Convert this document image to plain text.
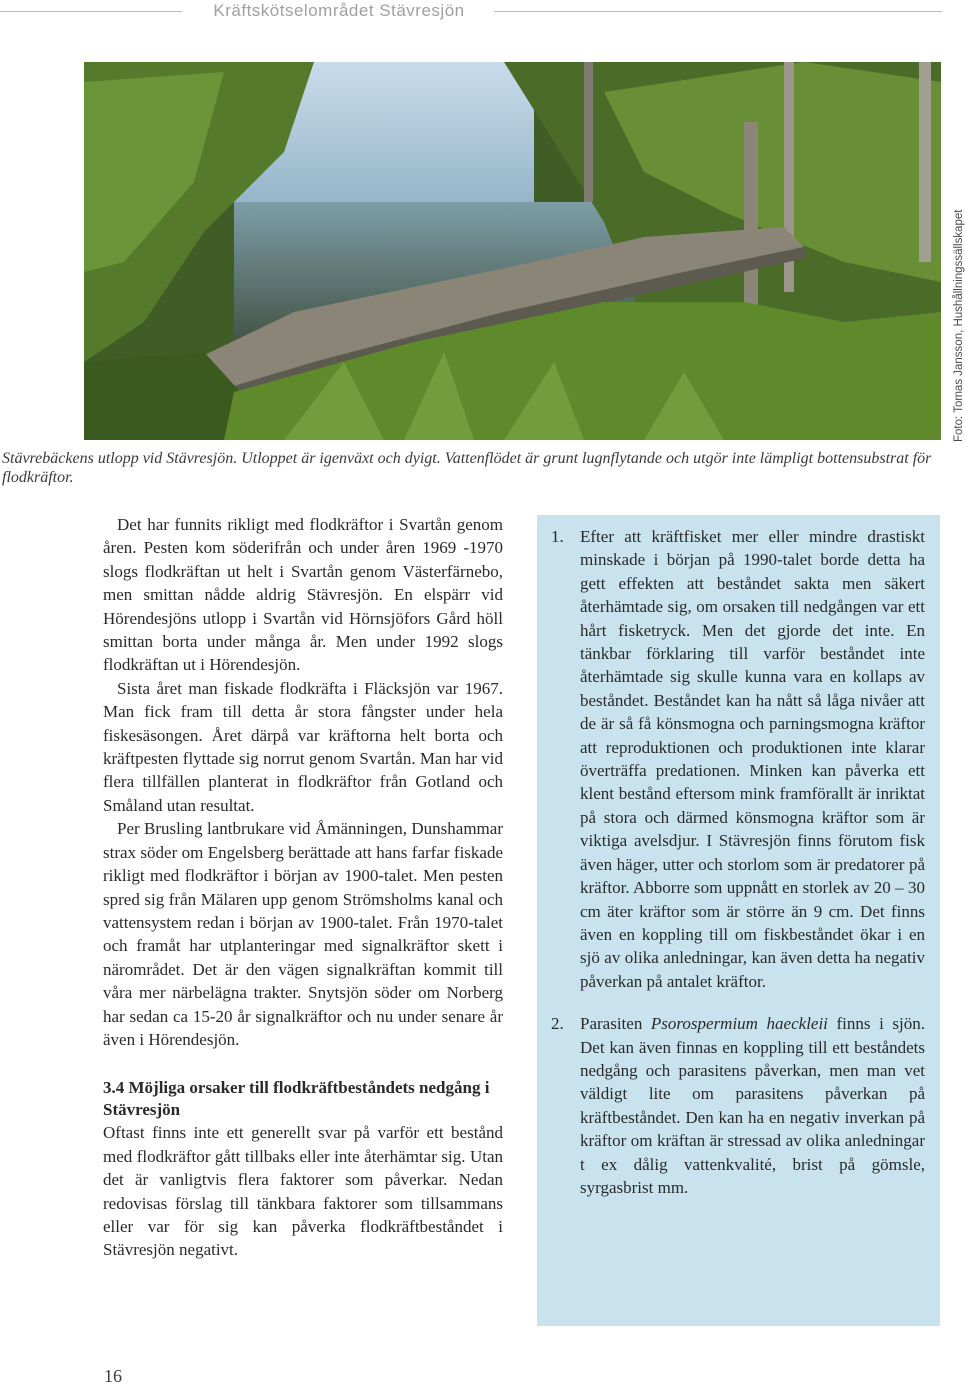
Kräftskötselområdet Stävresjön
Foto: Tomas Jansson, Hushållningssällskapet
Stävrebäckens utlopp vid Stävresjön. Utloppet är igenväxt och dyigt. Vattenflödet är grunt lugnflytande och utgör inte lämpligt bottensubstrat för flodkräftor.

Det har funnits rikligt med flodkräftor i Svartån genom åren. Pesten kom söderifrån och under åren 1969 -1970 slogs flodkräftan ut helt i Svartån genom Västerfärnebo, men smittan nådde aldrig Stävresjön. En elspärr vid Hörendesjöns utlopp i Svartån vid Hörnsjöfors Gård höll smittan borta under många år. Men under 1992 slogs flodkräftan ut i Hörendesjön.

Sista året man fiskade flodkräfta i Fläcksjön var 1967. Man fick fram till detta år stora fångster under hela fiskesäsongen. Året därpå var kräftorna helt borta och kräftpesten flyttade sig norrut genom Svartån. Man har vid flera tillfällen planterat in flodkräftor från Gotland och Småland utan resultat.

Per Brusling lantbrukare vid Åmänningen, Dunshammar strax söder om Engelsberg berättade att hans farfar fiskade rikligt med flodkräftor i början av 1900-talet. Men pesten spred sig från Mälaren upp genom Strömsholms kanal och vattensystem redan i början av 1900-talet. Från 1970-talet och framåt har utplanteringar med signalkräftor skett i närområdet. Det är den vägen signalkräftan kommit till våra mer närbelägna trakter. Snytsjön söder om Norberg har sedan ca 15-20 år signalkräftor och nu under senare år även i Hörendesjön.

3.4 Möjliga orsaker till flodkräftbeståndets nedgång i Stävresjön

Oftast finns inte ett generellt svar på varför ett bestånd med flodkräftor gått tillbaks eller inte återhämtar sig. Utan det är vanligtvis flera faktorer som påverkar. Nedan redovisas förslag till tänkbara faktorer som tillsammans eller var för sig kan påverka flodkräftbeståndet i Stävresjön negativt.

1. Efter att kräftfisket mer eller mindre drastiskt minskade i början på 1990-talet borde detta ha gett effekten att beståndet sakta men säkert återhämtade sig, om orsaken till nedgången var ett hårt fisketryck. Men det gjorde det inte. En tänkbar förklaring till varför beståndet inte återhämtade sig skulle kunna vara en kollaps av beståndet. Beståndet kan ha nått så låga nivåer att de är så få könsmogna och parningsmogna kräftor att reproduktionen och produktionen inte klarar överträffa predationen. Minken kan påverka ett klent bestånd eftersom mink framförallt är inriktat på stora och därmed könsmogna kräftor som är viktiga avelsdjur. I Stävresjön finns förutom fisk även häger, utter och storlom som är predatorer på kräftor. Abborre som uppnått en storlek av 20 – 30 cm äter kräftor som är större än 9 cm. Det finns även en koppling till om fiskbeståndet ökar i en sjö av olika anledningar, kan även detta ha negativ påverkan på antalet kräftor.
2. Parasiten Psorospermium haeckleii finns i sjön. Det kan även finnas en koppling till ett beståndets nedgång och parasitens påverkan, men man vet väldigt lite om parasitens påverkan på kräftbeståndet. Den kan ha en negativ inverkan på kräftor om kräftan är stressad av olika anledningar t ex dålig vattenkvalité, brist på gömsle, syrgasbrist mm.
16
